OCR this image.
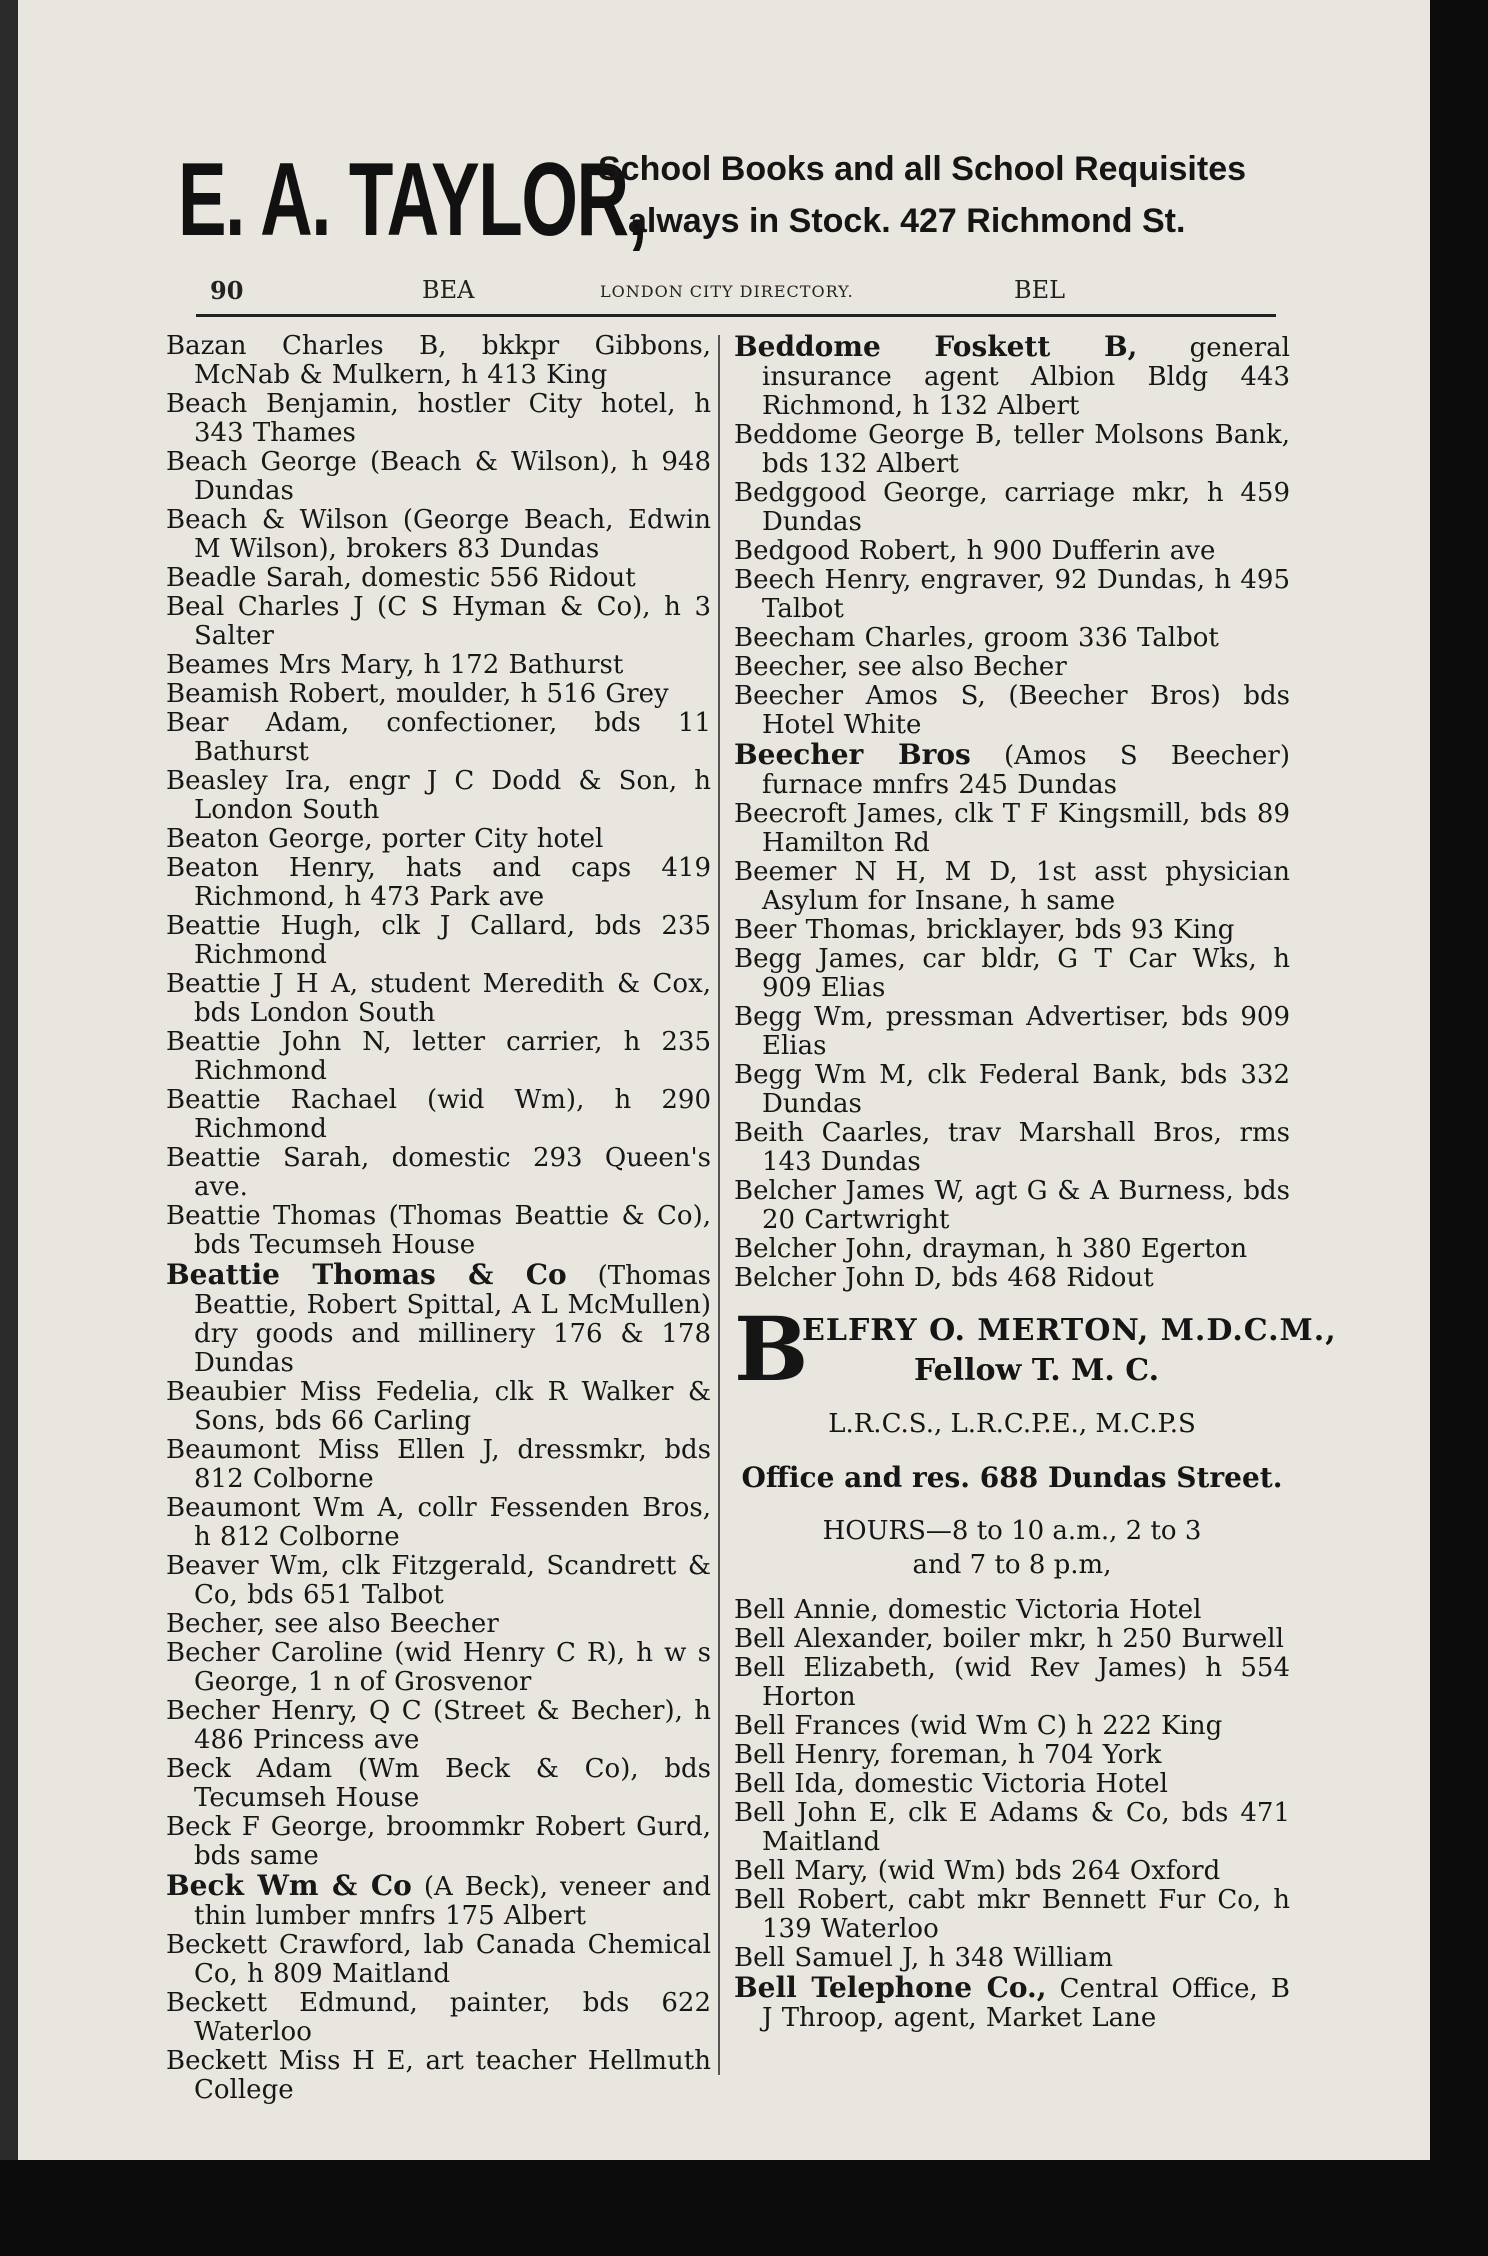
E. A. TAYLOR,
School Books and all School Requisites
always in Stock. 427 Richmond St.
90	BEA	LONDON CITY DIRECTORY.	BEL

Bazan Charles B, bkkpr Gibbons, McNab & Mulkern, h 413 King

Beach Benjamin, hostler City hotel, h 343 Thames

Beach George (Beach & Wilson), h 948 Dundas

Beach & Wilson (George Beach, Edwin M Wilson), brokers 83 Dundas

Beadle Sarah, domestic 556 Ridout

Beal Charles J (C S Hyman & Co), h 3 Salter

Beames Mrs Mary, h 172 Bathurst

Beamish Robert, moulder, h 516 Grey

Bear Adam, confectioner, bds 11 Bathurst

Beasley Ira, engr J C Dodd & Son, h London South

Beaton George, porter City hotel

Beaton Henry, hats and caps 419 Richmond, h 473 Park ave

Beattie Hugh, clk J Callard, bds 235 Richmond

Beattie J H A, student Meredith & Cox, bds London South

Beattie John N, letter carrier, h 235 Richmond

Beattie Rachael (wid Wm), h 290 Richmond

Beattie Sarah, domestic 293 Queen's ave.

Beattie Thomas (Thomas Beattie & Co), bds Tecumseh House

Beattie Thomas & Co (Thomas Beattie, Robert Spittal, A L McMullen) dry goods and millinery 176 & 178 Dundas

Beaubier Miss Fedelia, clk R Walker & Sons, bds 66 Carling

Beaumont Miss Ellen J, dressmkr, bds 812 Colborne

Beaumont Wm A, collr Fessenden Bros, h 812 Colborne

Beaver Wm, clk Fitzgerald, Scandrett & Co, bds 651 Talbot

Becher, see also Beecher

Becher Caroline (wid Henry C R), h w s George, 1 n of Grosvenor

Becher Henry, Q C (Street & Becher), h 486 Princess ave

Beck Adam (Wm Beck & Co), bds Tecumseh House

Beck F George, broommkr Robert Gurd, bds same

Beck Wm & Co (A Beck), veneer and thin lumber mnfrs 175 Albert

Beckett Crawford, lab Canada Chemical Co, h 809 Maitland

Beckett Edmund, painter, bds 622 Waterloo

Beckett Miss H E, art teacher Hellmuth College

Beddome Foskett B, general insurance agent Albion Bldg 443 Richmond, h 132 Albert

Beddome George B, teller Molsons Bank, bds 132 Albert

Bedggood George, carriage mkr, h 459 Dundas

Bedgood Robert, h 900 Dufferin ave

Beech Henry, engraver, 92 Dundas, h 495 Talbot

Beecham Charles, groom 336 Talbot

Beecher, see also Becher

Beecher Amos S, (Beecher Bros) bds Hotel White

Beecher Bros (Amos S Beecher) furnace mnfrs 245 Dundas

Beecroft James, clk T F Kingsmill, bds 89 Hamilton Rd

Beemer N H, M D, 1st asst physician Asylum for Insane, h same

Beer Thomas, bricklayer, bds 93 King

Begg James, car bldr, G T Car Wks, h 909 Elias

Begg Wm, pressman Advertiser, bds 909 Elias

Begg Wm M, clk Federal Bank, bds 332 Dundas

Beith Caarles, trav Marshall Bros, rms 143 Dundas

Belcher James W, agt G & A Burness, bds 20 Cartwright

Belcher John, drayman, h 380 Egerton

Belcher John D, bds 468 Ridout

B
ELFRY O. MERTON, M.D.C.M.,
Fellow T. M. C.
L.R.C.S., L.R.C.P.E., M.C.P.S
Office and res. 688 Dundas Street.
HOURS—8 to 10 a.m., 2 to 3
and 7 to 8 p.m,

Bell Annie, domestic Victoria Hotel

Bell Alexander, boiler mkr, h 250 Burwell

Bell Elizabeth, (wid Rev James) h 554 Horton

Bell Frances (wid Wm C) h 222 King

Bell Henry, foreman, h 704 York

Bell Ida, domestic Victoria Hotel

Bell John E, clk E Adams & Co, bds 471 Maitland

Bell Mary, (wid Wm) bds 264 Oxford

Bell Robert, cabt mkr Bennett Fur Co, h 139 Waterloo

Bell Samuel J, h 348 William

Bell Telephone Co., Central Office, B J Throop, agent, Market Lane
